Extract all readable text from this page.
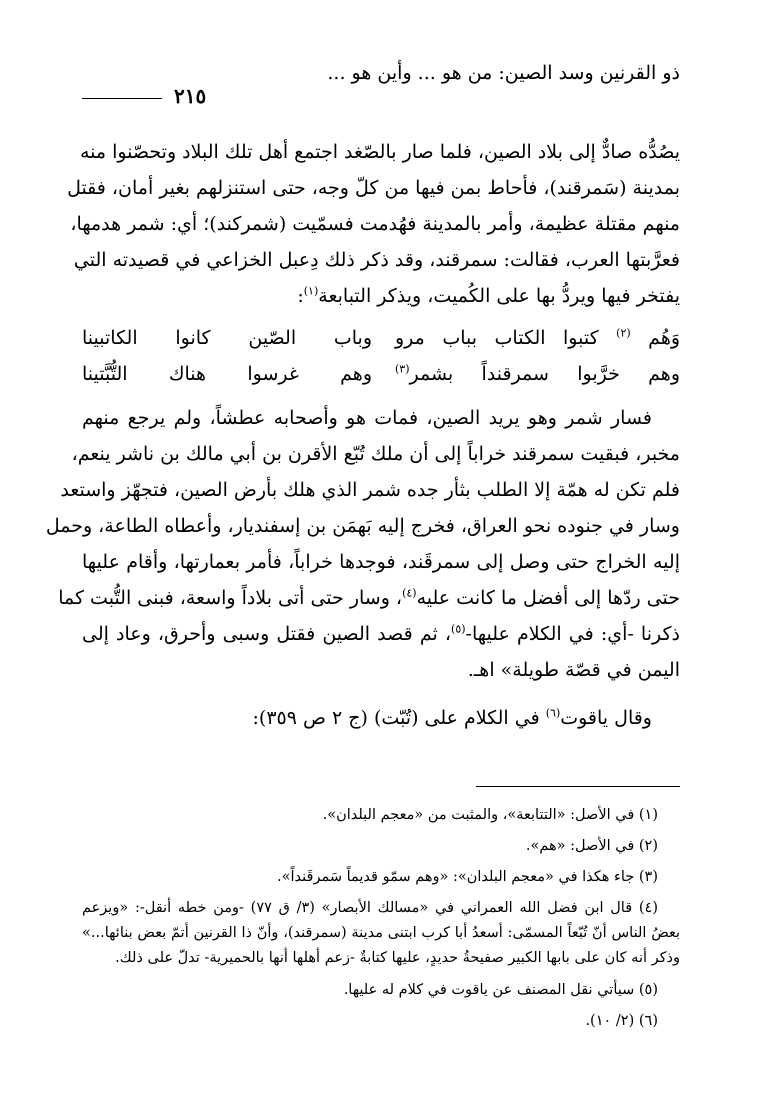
ذو القرنين وسد الصين: من هو ... وأين هو ...
٢١٥
يصُدُّه صادٌّ إلى بلاد الصين، فلما صار بالصّغد اجتمع أهل تلك البلاد وتحصّنوا منه
بمدينة (سَمرقند)، فأحاط بمن فيها من كلّ وجه، حتى استنزلهم بغير أمان، فقتل
منهم مقتلة عظيمة، وأمر بالمدينة فهُدمت فسمّيت (شمركند)؛ أي: شمر هدمها،
فعرَّبتها العرب، فقالت: سمرقند، وقد ذكر ذلك دِعبل الخزاعي في قصيدته التي
يفتخر فيها ويردُّ بها على الكُميت، ويذكر التبابعة$^{(١)}$:
وَهُم $^{(٢)}$ كتبوا الكتاب بباب مرو
وباب الصّين كانوا الكاتبينا
وهم خرَّبوا سمرقنداً بشمر$^{(٣)}$
وهم غرسوا هناك التُّبَّتينا
فسار شمر وهو يريد الصين، فمات هو وأصحابه عطشاً، ولم يرجع منهم
مخبر، فبقيت سمرقند خراباً إلى أن ملك تُبّع الأقرن بن أبي مالك بن ناشر ينعم،
فلم تكن له همّة إلا الطلب بثأر جده شمر الذي هلك بأرض الصين، فتجهّز واستعد
وسار في جنوده نحو العراق، فخرج إليه بَهمَن بن إسفنديار، وأعطاه الطاعة، وحمل
إليه الخراج حتى وصل إلى سمرقَند، فوجدها خراباً، فأمر بعمارتها، وأقام عليها
حتى ردّها إلى أفضل ما كانت عليه$^{(٤)}$، وسار حتى أتى بلاداً واسعة، فبنى التُّبت كما
ذكرنا -أي: في الكلام عليها-$^{(٥)}$، ثم قصد الصين فقتل وسبى وأحرق، وعاد إلى
اليمن في قصّة طويلة» اهـ.
وقال ياقوت$^{(٦)}$ في الكلام على (تُبّت) (ج ٢ ص ٣٥٩):
(١) في الأصل: «التتابعة»، والمثبت من «معجم البلدان».
(٢) في الأصل: «هم».
(٣) جاء هكذا في «معجم البلدان»: «وهم سمّو قديماً سَمرقَنداً».
(٤) قال ابن فضل الله العمراني في «مسالك الأبصار» (٣/ ق ٧٧) -ومن خطه أنقل-: «ويزعم
بعضُ الناس أنّ تُبّعاً المسمّى: أسعدُ أبا كرب ابتنى مدينة (سمرقند)، وأنّ ذا القرنين أتمّ بعض بنائها...»
وذكر أنه كان على بابها الكبير صفيحةُ حديدٍ، عليها كتابةٌ -زعم أهلها أنها بالحميرية- تدلّ على ذلك.
(٥) سيأتي نقل المصنف عن ياقوت في كلام له عليها.
(٦) (٢/ ١٠).
